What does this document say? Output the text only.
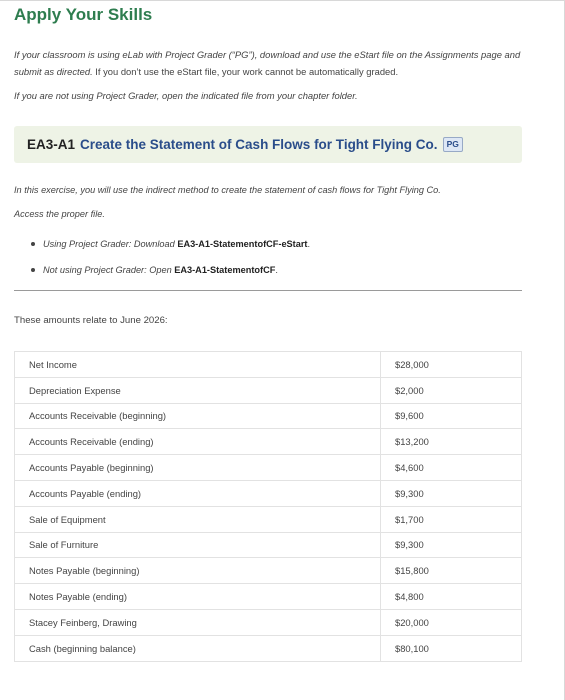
Apply Your Skills

If your classroom is using eLab with Project Grader (“PG”), download and use the eStart file on the Assignments page and submit as directed. If you don’t use the eStart file, your work cannot be automatically graded.

If you are not using Project Grader, open the indicated file from your chapter folder.

EA3-A1 Create the Statement of Cash Flows for Tight Flying Co.	PG

In this exercise, you will use the indirect method to create the statement of cash flows for Tight Flying Co.

Access the proper file.

Using Project Grader: Download EA3-A1-StatementofCF-eStart.
Not using Project Grader: Open EA3-A1-StatementofCF.

These amounts relate to June 2026:

Net Income	$28,000
Depreciation Expense	$2,000
Accounts Receivable (beginning)	$9,600
Accounts Receivable (ending)	$13,200
Accounts Payable (beginning)	$4,600
Accounts Payable (ending)	$9,300
Sale of Equipment	$1,700
Sale of Furniture	$9,300
Notes Payable (beginning)	$15,800
Notes Payable (ending)	$4,800
Stacey Feinberg, Drawing	$20,000
Cash (beginning balance)	$80,100
